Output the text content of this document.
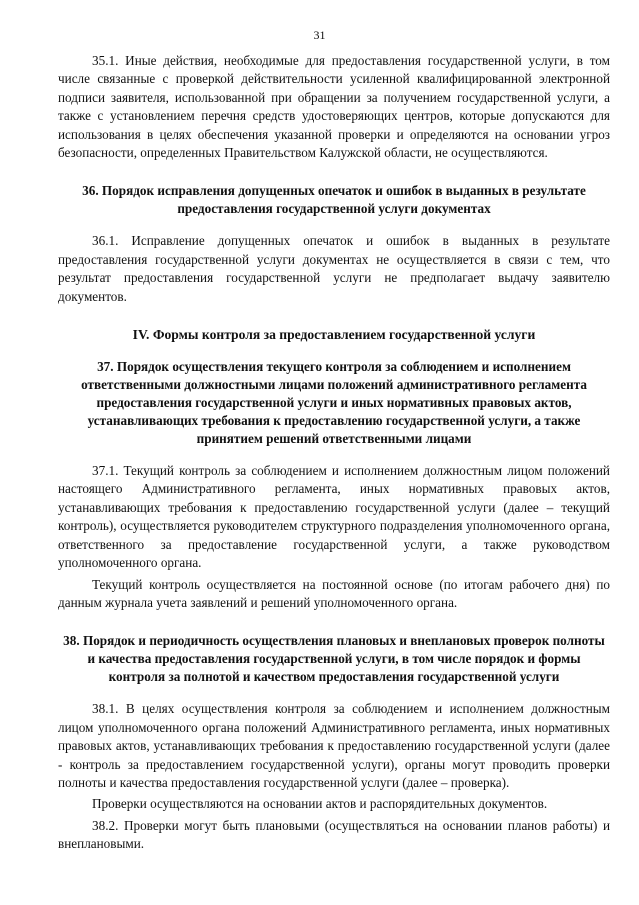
31

35.1. Иные действия, необходимые для предоставления государственной услуги, в том числе связанные с проверкой действительности усиленной квалифицированной электронной подписи заявителя, использованной при обращении за получением государственной услуги, а также с установлением перечня средств удостоверяющих центров, которые допускаются для использования в целях обеспечения указанной проверки и определяются на основании угроз безопасности, определенных Правительством Калужской области, не осуществляются.

36. Порядок исправления допущенных опечаток и ошибок в выданных в результате предоставления государственной услуги документах

36.1. Исправление допущенных опечаток и ошибок в выданных в результате предоставления государственной услуги документах не осуществляется в связи с тем, что результат предоставления государственной услуги не предполагает выдачу заявителю документов.

IV. Формы контроля за предоставлением государственной услуги

37. Порядок осуществления текущего контроля за соблюдением и исполнением ответственными должностными лицами положений административного регламента предоставления государственной услуги и иных нормативных правовых актов, устанавливающих требования к предоставлению государственной услуги, а также принятием решений ответственными лицами

37.1. Текущий контроль за соблюдением и исполнением должностным лицом положений настоящего Административного регламента, иных нормативных правовых актов, устанавливающих требования к предоставлению государственной услуги (далее – текущий контроль), осуществляется руководителем структурного подразделения уполномоченного органа, ответственного за предоставление государственной услуги, а также руководством уполномоченного органа.

Текущий контроль осуществляется на постоянной основе (по итогам рабочего дня) по данным журнала учета заявлений и решений уполномоченного органа.

38. Порядок и периодичность осуществления плановых и внеплановых проверок полноты и качества предоставления государственной услуги, в том числе порядок и формы контроля за полнотой и качеством предоставления государственной услуги

38.1. В целях осуществления контроля за соблюдением и исполнением должностным лицом уполномоченного органа положений Административного регламента, иных нормативных правовых актов, устанавливающих требования к предоставлению государственной услуги (далее - контроль за предоставлением государственной услуги), органы могут проводить проверки полноты и качества предоставления государственной услуги (далее – проверка).

Проверки осуществляются на основании актов и распорядительных документов.

38.2. Проверки могут быть плановыми (осуществляться на основании планов работы) и внеплановыми.
